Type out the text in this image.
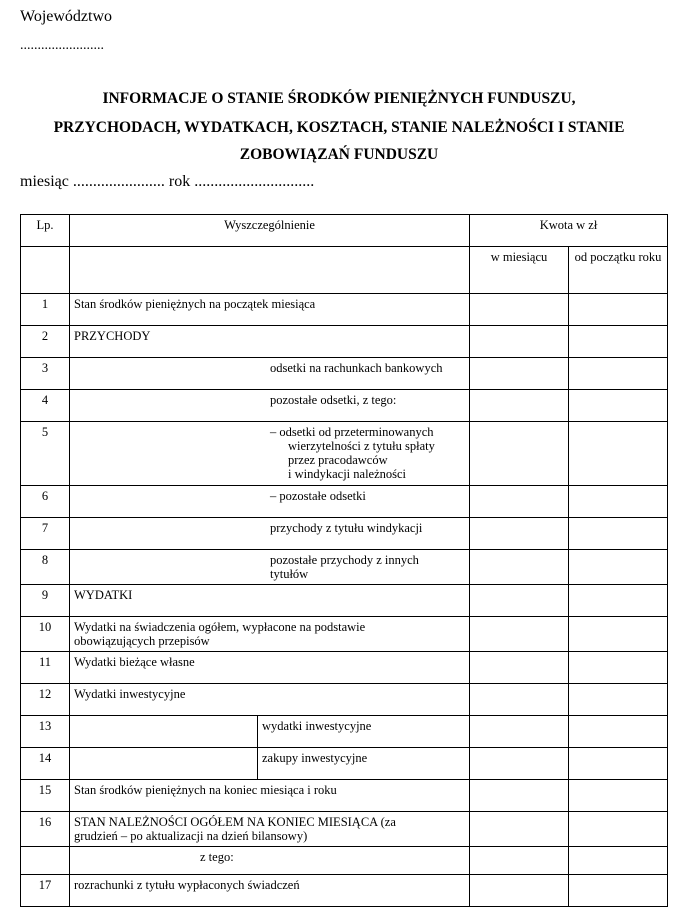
Województwo
........................
INFORMACJE O STANIE ŚRODKÓW PIENIĘŻNYCH FUNDUSZU,
PRZYCHODACH, WYDATKACH, KOSZTACH, STANIE NALEŻNOŚCI I STANIE
ZOBOWIĄZAŃ FUNDUSZU
miesiąc ....................... rok ..............................
Lp.	Wyszczególnienie		Kwota w zł	
			w miesiącu	od początku roku
1	Stan środków pieniężnych na początek miesiąca			
2	PRZYCHODY			
3	odsetki na rachunkach bankowych			
4	pozostałe odsetki, z tego:			
5	– odsetki od przeterminowanych
wierzytelności z tytułu spłaty
przez pracodawców
i windykacji należności			

6	– pozostałe odsetki			
7	przychody z tytułu windykacji			
8	pozostałe przychody z innych
tytułów			

9	WYDATKI			
10	Wydatki na świadczenia ogółem, wypłacone na podstawie
obowiązujących przepisów			

11	Wydatki bieżące własne			
12	Wydatki inwestycyjne			
13		wydatki inwestycyjne		
14		zakupy inwestycyjne		
15	Stan środków pieniężnych na koniec miesiąca i roku			
16	STAN NALEŻNOŚCI OGÓŁEM NA KONIEC MIESIĄCA (za
grudzień – po aktualizacji na dzień bilansowy)			

	z tego:			
17	rozrachunki z tytułu wypłaconych świadczeń			
